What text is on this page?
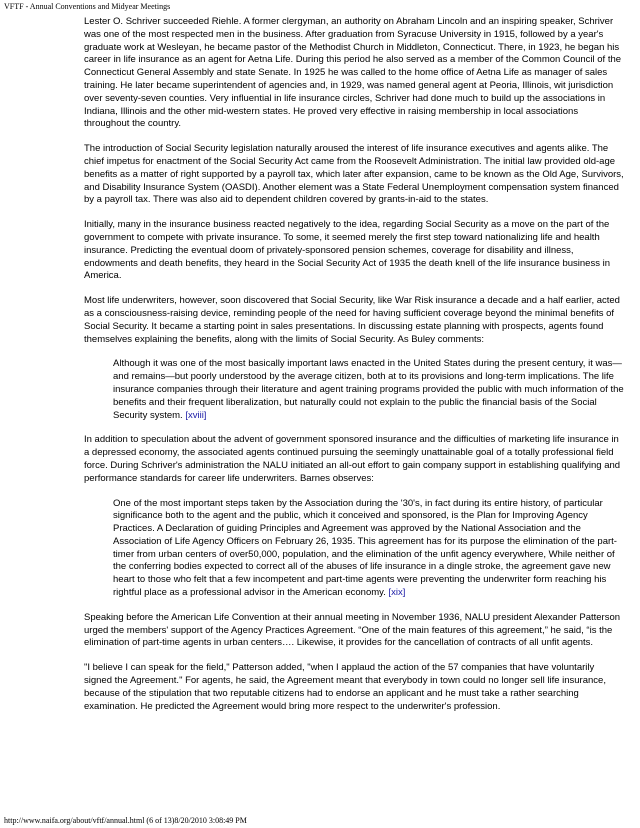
VFTF - Annual Conventions and Midyear Meetings

Lester O. Schriver succeeded Riehle. A former clergyman, an authority on Abraham Lincoln and an inspiring speaker, Schriver was one of the most respected men in the business. After graduation from Syracuse University in 1915, followed by a year's graduate work at Wesleyan, he became pastor of the Methodist Church in Middleton, Connecticut. There, in 1923, he began his career in life insurance as an agent for Aetna Life. During this period he also served as a member of the Common Council of the Connecticut General Assembly and state Senate. In 1925 he was called to the home office of Aetna Life as manager of sales training. He later became superintendent of agencies and, in 1929, was named general agent at Peoria, Illinois, wit jurisdiction over seventy-seven counties. Very influential in life insurance circles, Schriver had done much to build up the associations in Indiana, Illinois and the other mid-western states. He proved very effective in raising membership in local associations throughout the country.

The introduction of Social Security legislation naturally aroused the interest of life insurance executives and agents alike. The chief impetus for enactment of the Social Security Act came from the Roosevelt Administration. The initial law provided old-age benefits as a matter of right supported by a payroll tax, which later after expansion, came to be known as the Old Age, Survivors, and Disability Insurance System (OASDI). Another element was a State Federal Unemployment compensation system financed by a payroll tax. There was also aid to dependent children covered by grants-in-aid to the states.

Initially, many in the insurance business reacted negatively to the idea, regarding Social Security as a move on the part of the government to compete with private insurance. To some, it seemed merely the first step toward nationalizing life and health insurance. Predicting the eventual doom of privately-sponsored pension schemes, coverage for disability and illness, endowments and death benefits, they heard in the Social Security Act of 1935 the death knell of the life insurance business in America.

Most life underwriters, however, soon discovered that Social Security, like War Risk insurance a decade and a half earlier, acted as a consciousness-raising device, reminding people of the need for having sufficient coverage beyond the minimal benefits of Social Security. It became a starting point in sales presentations. In discussing estate planning with prospects, agents found themselves explaining the benefits, along with the limits of Social Security. As Buley comments:

Although it was one of the most basically important laws enacted in the United States during the present century, it was—and remains—but poorly understood by the average citizen, both at to its provisions and long-term implications. The life insurance companies through their literature and agent training programs provided the public with much information of the benefits and their frequent liberalization, but naturally could not explain to the public the financial basis of the Social Security system. [xviii]

In addition to speculation about the advent of government sponsored insurance and the difficulties of marketing life insurance in a depressed economy, the associated agents continued pursuing the seemingly unattainable goal of a totally professional field force. During Schriver's administration the NALU initiated an all-out effort to gain company support in establishing qualifying and performance standards for career life underwriters. Barnes observes:

One of the most important steps taken by the Association during the '30's, in fact during its entire history, of particular significance both to the agent and the public, which it conceived and sponsored, is the Plan for Improving Agency Practices. A Declaration of guiding Principles and Agreement was approved by the National Association and the Association of Life Agency Officers on February 26, 1935. This agreement has for its purpose the elimination of the part-timer from urban centers of over50,000, population, and the elimination of the unfit agency everywhere, While neither of the conferring bodies expected to correct all of the abuses of life insurance in a dingle stroke, the agreement gave new heart to those who felt that a few incompetent and part-time agents were preventing the underwriter form reaching his rightful place as a professional advisor in the American economy. [xix]

Speaking before the American Life Convention at their annual meeting in November 1936, NALU president Alexander Patterson urged the members' support of the Agency Practices Agreement. “One of the main features of this agreement,” he said, “is the elimination of part-time agents in urban centers…. Likewise, it provides for the cancellation of contracts of all unfit agents.

"I believe I can speak for the field," Patterson added, "when I applaud the action of the 57 companies that have voluntarily signed the Agreement." For agents, he said, the Agreement meant that everybody in town could no longer sell life insurance, because of the stipulation that two reputable citizens had to endorse an applicant and he must take a rather searching examination. He predicted the Agreement would bring more respect to the underwriter's profession.

http://www.naifa.org/about/vftf/annual.html (6 of 13)8/20/2010 3:08:49 PM
